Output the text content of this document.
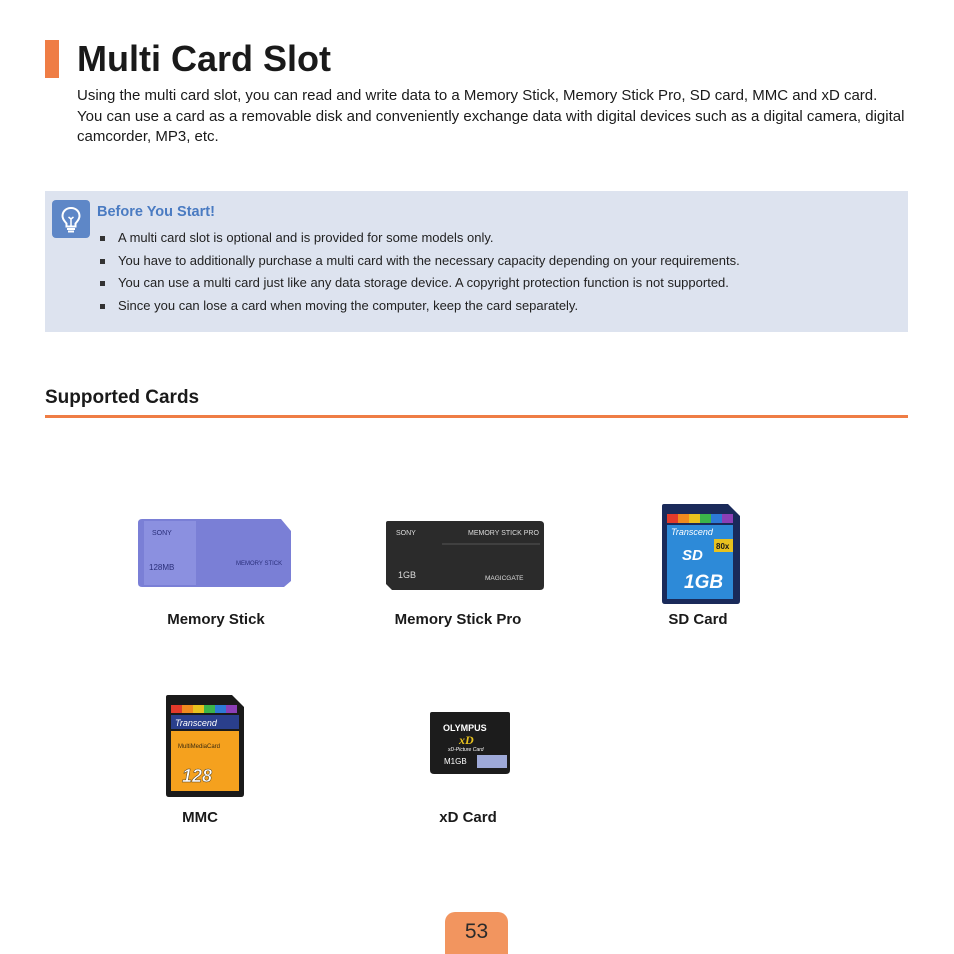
Multi Card Slot

Using the multi card slot, you can read and write data to a Memory Stick, Memory Stick Pro, SD card, MMC and xD card.

You can use a card as a removable disk and conveniently exchange data with digital devices such as a digital camera, digital camcorder, MP3, etc.

Before You Start!
A multi card slot is optional and is provided for some models only.
You have to additionally purchase a multi card with the necessary capacity depending on your requirements.
You can use a multi card just like any data storage device. A copyright protection function is not supported.
Since you can lose a card when moving the computer, keep the card separately.
Supported Cards
SONY
128MB	MEMORY STICK
Memory Stick
SONY	MEMORY STICK PRO
1GB	MAGICGATE
Memory Stick Pro
Transcend
80x
SD
1GB
SD Card
Transcend
MultiMediaCard
128
MMC
OLYMPUS
xD
xD-Picture Card
M1GB
xD Card
53
